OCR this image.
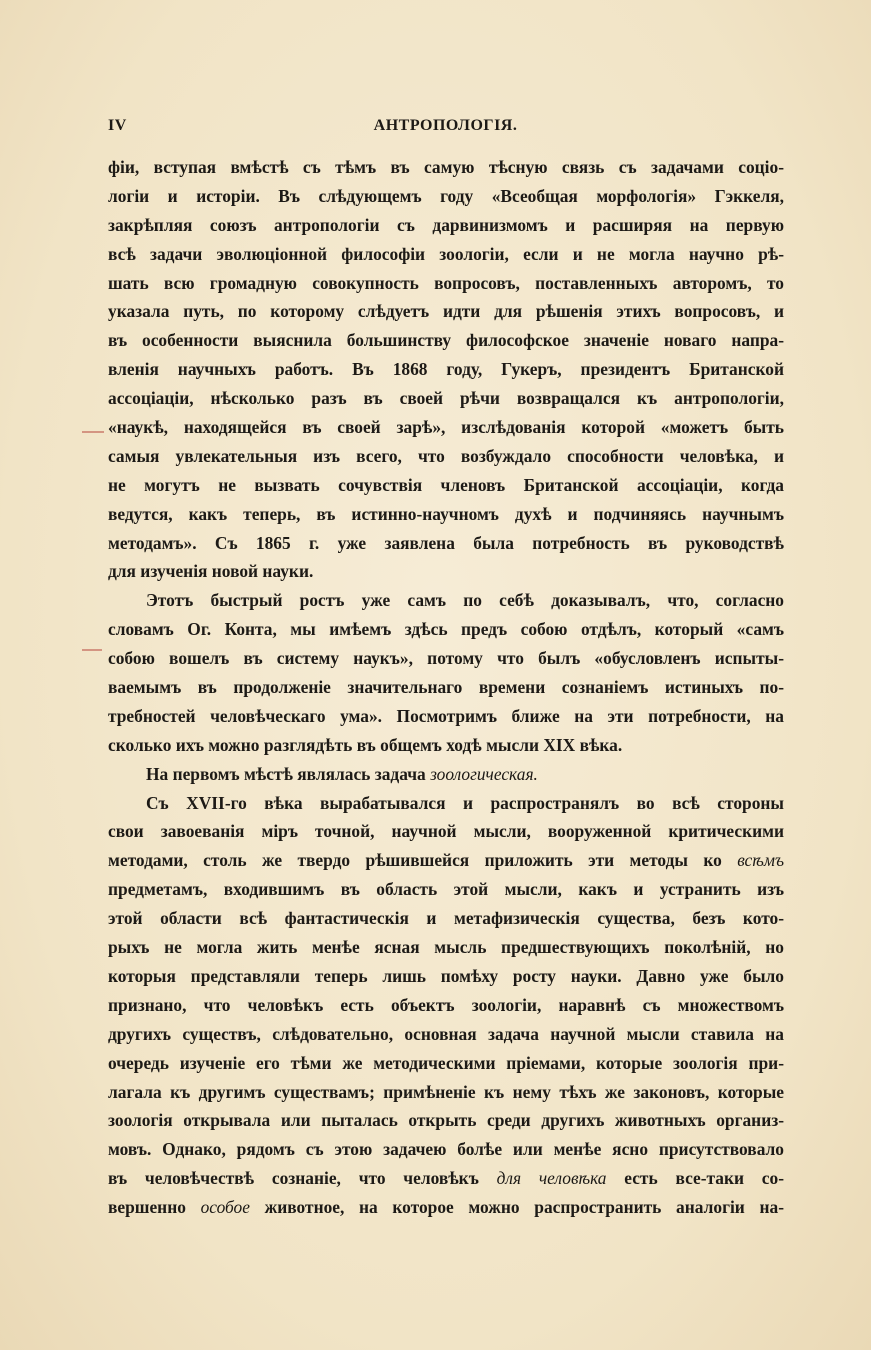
IV	АНТРОПОЛОГІЯ.
фіи, вступая вмѣстѣ съ тѣмъ въ самую тѣсную связь съ задачами соціо-
логіи и исторіи. Въ слѣдующемъ году «Всеобщая морфологія» Гэккеля,
закрѣпляя союзъ антропологіи съ дарвинизмомъ и расширяя на первую
всѣ задачи эволюціонной философіи зоологіи, если и не могла научно рѣ-
шать всю громадную совокупность вопросовъ, поставленныхъ авторомъ, то
указала путь, по которому слѣдуетъ идти для рѣшенія этихъ вопросовъ, и
въ особенности выяснила большинству философское значеніе новаго напра-
вленія научныхъ работъ. Въ 1868 году, Гукеръ, президентъ Британской
ассоціаціи, нѣсколько разъ въ своей рѣчи возвращался къ антропологіи,
«наукѣ, находящейся въ своей зарѣ», изслѣдованія которой «можетъ быть
самыя увлекательныя изъ всего, что возбуждало способности человѣка, и
не могутъ не вызвать сочувствія членовъ Британской ассоціаціи, когда
ведутся, какъ теперь, въ истинно-научномъ духѣ и подчиняясь научнымъ
методамъ». Съ 1865 г. уже заявлена была потребность въ руководствѣ
для изученія новой науки.
Этотъ быстрый ростъ уже самъ по себѣ доказывалъ, что, согласно
словамъ Ог. Конта, мы имѣемъ здѣсь предъ собою отдѣлъ, который «самъ
собою вошелъ въ систему наукъ», потому что былъ «обусловленъ испыты-
ваемымъ въ продолженіе значительнаго времени сознаніемъ истиныхъ по-
требностей человѣческаго ума». Посмотримъ ближе на эти потребности, на
сколько ихъ можно разглядѣть въ общемъ ходѣ мысли XIX вѣка.
На первомъ мѣстѣ являлась задача зоологическая.
Съ XVII-го вѣка вырабатывался и распространялъ во всѣ стороны
свои завоеванія міръ точной, научной мысли, вооруженной критическими
методами, столь же твердо рѣшившейся приложить эти методы ко всѣмъ
предметамъ, входившимъ въ область этой мысли, какъ и устранить изъ
этой области всѣ фантастическія и метафизическія существа, безъ кото-
рыхъ не могла жить менѣе ясная мысль предшествующихъ поколѣній, но
которыя представляли теперь лишь помѣху росту науки. Давно уже было
признано, что человѣкъ есть объектъ зоологіи, наравнѣ съ множествомъ
другихъ существъ, слѣдовательно, основная задача научной мысли ставила на
очередь изученіе его тѣми же методическими пріемами, которые зоологія при-
лагала къ другимъ существамъ; примѣненіе къ нему тѣхъ же законовъ, которые
зоологія открывала или пыталась открыть среди другихъ животныхъ организ-
мовъ. Однако, рядомъ съ этою задачею болѣе или менѣе ясно присутствовало
въ человѣчествѣ сознаніе, что человѣкъ для человѣка есть все-таки со-
вершенно особое животное, на которое можно распространить аналогіи на-
